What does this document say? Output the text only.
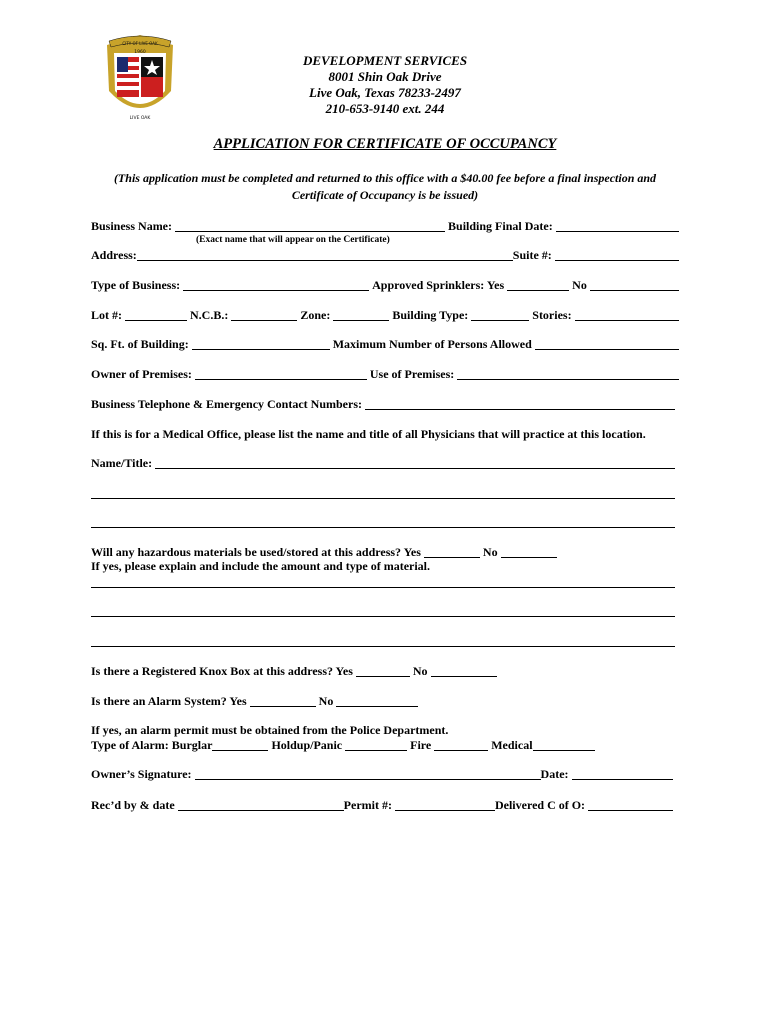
CITY OF LIVE OAK
1960
LIVE OAK
DEVELOPMENT SERVICES
8001 Shin Oak Drive
Live Oak, Texas 78233-2497
210-653-9140 ext. 244
APPLICATION FOR CERTIFICATE OF OCCUPANCY
(This application must be completed and returned to this office with a $40.00 fee before a final inspection and
Certificate of Occupancy is be issued)
Business Name:	Building Final Date:
(Exact name that will appear on the Certificate)
Address:	Suite #:
Type of Business:	Approved Sprinklers: Yes	No
Lot #:	N.C.B.:	Zone:	Building Type:	Stories:
Sq. Ft. of Building:	Maximum Number of Persons Allowed
Owner of Premises:	Use of Premises:
Business Telephone & Emergency Contact Numbers:
If this is for a Medical Office, please list the name and title of all Physicians that will practice at this location.
Name/Title:
Will any hazardous materials be used/stored at this address? Yes	No
If yes, please explain and include the amount and type of material.
Is there a Registered Knox Box at this address? Yes	No
Is there an Alarm System? Yes	No
If yes, an alarm permit must be obtained from the Police Department.
Type of Alarm: Burglar	Holdup/Panic	Fire	Medical
Owner’s Signature:	Date:
Rec’d by & date	Permit #:	Delivered C of O:
